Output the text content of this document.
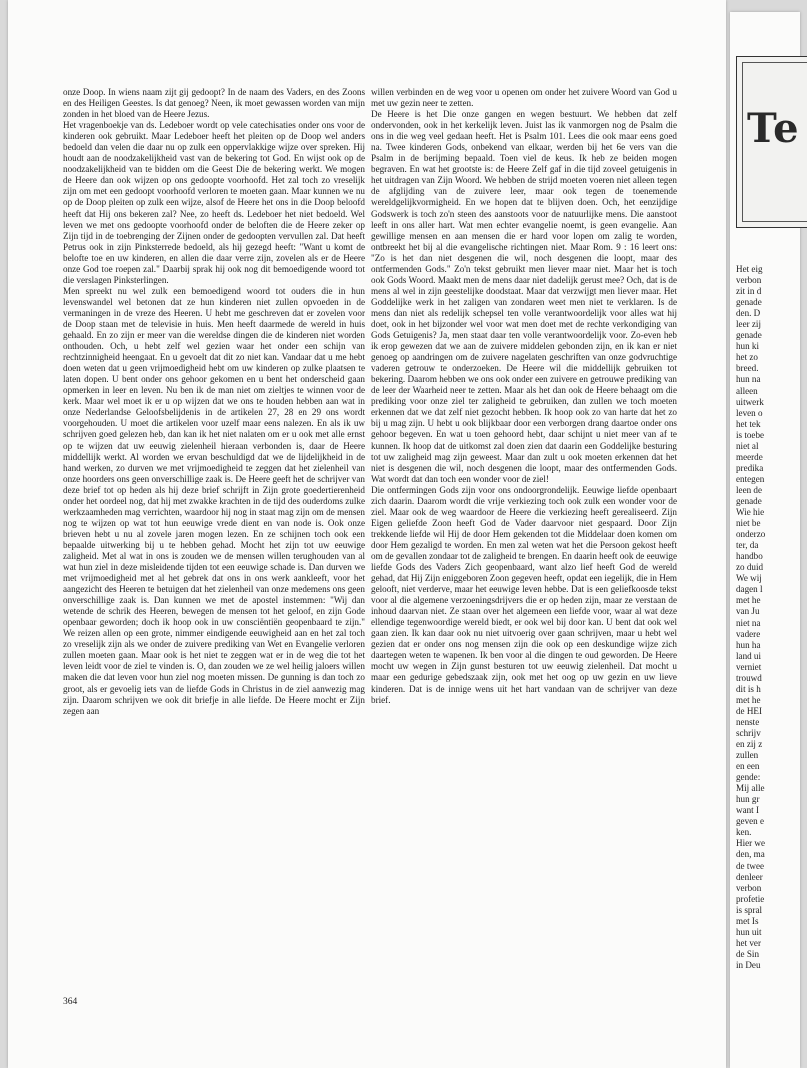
onze Doop. In wiens naam zijt gij gedoopt? In de naam des Vaders, en des Zoons en des Heiligen Geestes. Is dat genoeg? Neen, ik moet gewassen worden van mijn zonden in het bloed van de Heere Jezus.

Het vragenboekje van ds. Ledeboer wordt op vele catechisaties onder ons voor de kinderen ook gebruikt. Maar Ledeboer heeft het pleiten op de Doop wel anders bedoeld dan velen die daar nu op zulk een oppervlakkige wijze over spreken. Hij houdt aan de noodzakelijkheid vast van de bekering tot God. En wijst ook op de noodzakelijkheid van te bidden om die Geest Die de bekering werkt. We mogen de Heere dan ook wijzen op ons gedoopte voorhoofd. Het zal toch zo vreselijk zijn om met een gedoopt voorhoofd verloren te moeten gaan. Maar kunnen we nu op de Doop pleiten op zulk een wijze, alsof de Heere het ons in die Doop beloofd heeft dat Hij ons bekeren zal? Nee, zo heeft ds. Ledeboer het niet bedoeld. Wel leven we met ons gedoopte voorhoofd onder de beloften die de Heere zeker op Zijn tijd in de toebrenging der Zijnen onder de gedoopten vervullen zal. Dat heeft Petrus ook in zijn Pinksterrede bedoeld, als hij gezegd heeft: "Want u komt de belofte toe en uw kinderen, en allen die daar verre zijn, zovelen als er de Heere onze God toe roepen zal." Daarbij sprak hij ook nog dit bemoedigende woord tot die verslagen Pinksterlingen.

Men spreekt nu wel zulk een bemoedigend woord tot ouders die in hun levenswandel wel betonen dat ze hun kinderen niet zullen opvoeden in de vermaningen in de vreze des Heeren. U hebt me geschreven dat er zovelen voor de Doop staan met de televisie in huis. Men heeft daarmede de wereld in huis gehaald. En zo zijn er meer van die wereldse dingen die de kinderen niet worden onthouden. Och, u hebt zelf wel gezien waar het onder een schijn van rechtzinnigheid heengaat. En u gevoelt dat dit zo niet kan. Vandaar dat u me hebt doen weten dat u geen vrijmoedigheid hebt om uw kinderen op zulke plaatsen te laten dopen. U bent onder ons gehoor gekomen en u bent het onderscheid gaan opmerken in leer en leven. Nu ben ik de man niet om zieltjes te winnen voor de kerk. Maar wel moet ik er u op wijzen dat we ons te houden hebben aan wat in onze Nederlandse Geloofsbelijdenis in de artikelen 27, 28 en 29 ons wordt voorgehouden. U moet die artikelen voor uzelf maar eens nalezen. En als ik uw schrijven goed gelezen heb, dan kan ik het niet nalaten om er u ook met alle ernst op te wijzen dat uw eeuwig zielenheil hieraan verbonden is, daar de Heere middellijk werkt. Al worden we ervan beschuldigd dat we de lijdelijkheid in de hand werken, zo durven we met vrijmoedigheid te zeggen dat het zielenheil van onze hoorders ons geen onverschillige zaak is. De Heere geeft het de schrijver van deze brief tot op heden als hij deze brief schrijft in Zijn grote goedertierenheid onder het oordeel nog, dat hij met zwakke krachten in de tijd des ouderdoms zulke werkzaamheden mag verrichten, waardoor hij nog in staat mag zijn om de mensen nog te wijzen op wat tot hun eeuwige vrede dient en van node is. Ook onze brieven hebt u nu al zovele jaren mogen lezen. En ze schijnen toch ook een bepaalde uitwerking bij u te hebben gehad. Mocht het zijn tot uw eeuwige zaligheid. Met al wat in ons is zouden we de mensen willen terughouden van al wat hun ziel in deze misleidende tijden tot een eeuwige schade is. Dan durven we met vrijmoedigheid met al het gebrek dat ons in ons werk aankleeft, voor het aangezicht des Heeren te betuigen dat het zielenheil van onze medemens ons geen onverschillige zaak is. Dan kunnen we met de apostel instemmen: "Wij dan wetende de schrik des Heeren, bewegen de mensen tot het geloof, en zijn Gode openbaar geworden; doch ik hoop ook in uw consciëntiën geopenbaard te zijn." We reizen allen op een grote, nimmer eindigende eeuwigheid aan en het zal toch zo vreselijk zijn als we onder de zuivere prediking van Wet en Evangelie verloren zullen moeten gaan. Maar ook is het niet te zeggen wat er in de weg die tot het leven leidt voor de ziel te vinden is. O, dan zouden we ze wel heilig jaloers willen maken die dat leven voor hun ziel nog moeten missen. De gunning is dan toch zo groot, als er gevoelig iets van de liefde Gods in Christus in de ziel aanwezig mag zijn. Daarom schrijven we ook dit briefje in alle liefde. De Heere mocht er Zijn zegen aan

willen verbinden en de weg voor u openen om onder het zuivere Woord van God u met uw gezin neer te zetten.

De Heere is het Die onze gangen en wegen bestuurt. We hebben dat zelf ondervonden, ook in het kerkelijk leven. Juist las ik vanmorgen nog de Psalm die ons in die weg veel gedaan heeft. Het is Psalm 101. Lees die ook maar eens goed na. Twee kinderen Gods, onbekend van elkaar, werden bij het 6e vers van die Psalm in de berijming bepaald. Toen viel de keus. Ik heb ze beiden mogen begraven. En wat het grootste is: de Heere Zelf gaf in die tijd zoveel getuigenis in het uitdragen van Zijn Woord. We hebben de strijd moeten voeren niet alleen tegen de afglijding van de zuivere leer, maar ook tegen de toenemende wereldgelijkvormigheid. En we hopen dat te blijven doen. Och, het eenzijdige Godswerk is toch zo'n steen des aanstoots voor de natuurlijke mens. Die aanstoot leeft in ons aller hart. Wat men echter evangelie noemt, is geen evangelie. Aan gewillige mensen en aan mensen die er hard voor lopen om zalig te worden, ontbreekt het bij al die evangelische richtingen niet. Maar Rom. 9 : 16 leert ons: "Zo is het dan niet desgenen die wil, noch desgenen die loopt, maar des ontfermenden Gods." Zo'n tekst gebruikt men liever maar niet. Maar het is toch ook Gods Woord. Maakt men de mens daar niet dadelijk gerust mee? Och, dat is de mens al wel in zijn geestelijke doodstaat. Maar dat verzwijgt men liever maar. Het Goddelijke werk in het zaligen van zondaren weet men niet te verklaren. Is de mens dan niet als redelijk schepsel ten volle verantwoordelijk voor alles wat hij doet, ook in het bijzonder wel voor wat men doet met de rechte verkondiging van Gods Getuigenis? Ja, men staat daar ten volle verantwoordelijk voor. Zo-even heb ik erop gewezen dat we aan de zuivere middelen gebonden zijn, en ik kan er niet genoeg op aandringen om de zuivere nagelaten geschriften van onze godvruchtige vaderen getrouw te onderzoeken. De Heere wil die middellijk gebruiken tot bekering. Daarom hebben we ons ook onder een zuivere en getrouwe prediking van de leer der Waarheid neer te zetten. Maar als het dan ook de Heere behaagt om die prediking voor onze ziel ter zaligheid te gebruiken, dan zullen we toch moeten erkennen dat we dat zelf niet gezocht hebben. Ik hoop ook zo van harte dat het zo bij u mag zijn. U hebt u ook blijkbaar door een verborgen drang daartoe onder ons gehoor begeven. En wat u toen gehoord hebt, daar schijnt u niet meer van af te kunnen. Ik hoop dat de uitkomst zal doen zien dat daarin een Goddelijke besturing tot uw zaligheid mag zijn geweest. Maar dan zult u ook moeten erkennen dat het niet is desgenen die wil, noch desgenen die loopt, maar des ontfermenden Gods. Wat wordt dat dan toch een wonder voor de ziel!

Die ontfermingen Gods zijn voor ons ondoorgrondelijk. Eeuwige liefde openbaart zich daarin. Daarom wordt die vrije verkiezing toch ook zulk een wonder voor de ziel. Maar ook de weg waardoor de Heere die verkiezing heeft gerealiseerd. Zijn Eigen geliefde Zoon heeft God de Vader daarvoor niet gespaard. Door Zijn trekkende liefde wil Hij de door Hem gekenden tot die Middelaar doen komen om door Hem gezaligd te worden. En men zal weten wat het die Persoon gekost heeft om de gevallen zondaar tot de zaligheid te brengen. En daarin heeft ook de eeuwige liefde Gods des Vaders Zich geopenbaard, want alzo lief heeft God de wereld gehad, dat Hij Zijn eniggeboren Zoon gegeven heeft, opdat een iegelijk, die in Hem gelooft, niet verderve, maar het eeuwige leven hebbe. Dat is een geliefkoosde tekst voor al die algemene verzoeningsdrijvers die er op heden zijn, maar ze verstaan de inhoud daarvan niet. Ze staan over het algemeen een liefde voor, waar al wat deze ellendige tegenwoordige wereld biedt, er ook wel bij door kan. U bent dat ook wel gaan zien. Ik kan daar ook nu niet uitvoerig over gaan schrijven, maar u hebt wel gezien dat er onder ons nog mensen zijn die ook op een deskundige wijze zich daartegen weten te wapenen. Ik ben voor al die dingen te oud geworden. De Heere mocht uw wegen in Zijn gunst besturen tot uw eeuwig zielenheil. Dat mocht u maar een gedurige gebedszaak zijn, ook met het oog op uw gezin en uw lieve kinderen. Dat is de innige wens uit het hart vandaan van de schrijver van deze brief.

364
Te
Het eig
verbon
zit in d
genade
den. D
leer zij
genade
hun ki
het zo
breed.
hun na
alleen
uitwerk
leven o
het tek
is toebe
niet al
meerde
predika
entegen
leen de
genade
Wie hie
niet be
onderzo
ter, da
handbo
zo duid
We wij
dagen l
met he
van Ju
niet na
vadere
hun ha
land ui
verniet
trouwd
dit is h
met he
de HEI
nenste
schrijv
en zij z
zullen
en een
gende:
Mij alle
hun gr
want I
geven e
ken.
Hier we
den, ma
de twee
denleer
verbon
profetie
is spral
met Is
hun uit
het ver
de Sin
in Deu
